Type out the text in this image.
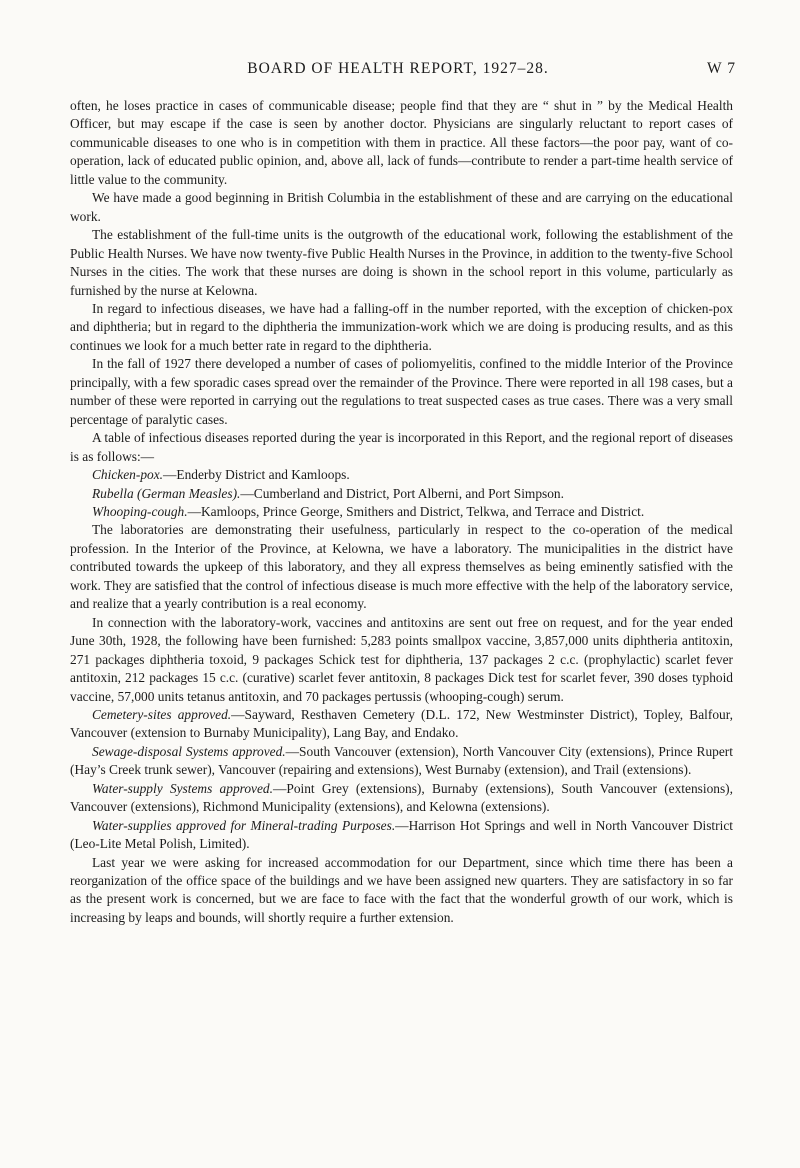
BOARD OF HEALTH REPORT, 1927–28.	W 7

often, he loses practice in cases of communicable disease; people find that they are “ shut in ” by the Medical Health Officer, but may escape if the case is seen by another doctor. Physicians are singularly reluctant to report cases of communicable diseases to one who is in competition with them in practice. All these factors—the poor pay, want of co-operation, lack of educated public opinion, and, above all, lack of funds—contribute to render a part-time health service of little value to the community.

We have made a good beginning in British Columbia in the establishment of these and are carrying on the educational work.

The establishment of the full-time units is the outgrowth of the educational work, following the establishment of the Public Health Nurses. We have now twenty-five Public Health Nurses in the Province, in addition to the twenty-five School Nurses in the cities. The work that these nurses are doing is shown in the school report in this volume, particularly as furnished by the nurse at Kelowna.

In regard to infectious diseases, we have had a falling-off in the number reported, with the exception of chicken-pox and diphtheria; but in regard to the diphtheria the immunization-work which we are doing is producing results, and as this continues we look for a much better rate in regard to the diphtheria.

In the fall of 1927 there developed a number of cases of poliomyelitis, confined to the middle Interior of the Province principally, with a few sporadic cases spread over the remainder of the Province. There were reported in all 198 cases, but a number of these were reported in carrying out the regulations to treat suspected cases as true cases. There was a very small percentage of paralytic cases.

A table of infectious diseases reported during the year is incorporated in this Report, and the regional report of diseases is as follows:—

Chicken-pox.—Enderby District and Kamloops.

Rubella (German Measles).—Cumberland and District, Port Alberni, and Port Simpson.

Whooping-cough.—Kamloops, Prince George, Smithers and District, Telkwa, and Terrace and District.

The laboratories are demonstrating their usefulness, particularly in respect to the co-operation of the medical profession. In the Interior of the Province, at Kelowna, we have a laboratory. The municipalities in the district have contributed towards the upkeep of this laboratory, and they all express themselves as being eminently satisfied with the work. They are satisfied that the control of infectious disease is much more effective with the help of the laboratory service, and realize that a yearly contribution is a real economy.

In connection with the laboratory-work, vaccines and antitoxins are sent out free on request, and for the year ended June 30th, 1928, the following have been furnished: 5,283 points smallpox vaccine, 3,857,000 units diphtheria antitoxin, 271 packages diphtheria toxoid, 9 packages Schick test for diphtheria, 137 packages 2 c.c. (prophylactic) scarlet fever antitoxin, 212 packages 15 c.c. (curative) scarlet fever antitoxin, 8 packages Dick test for scarlet fever, 390 doses typhoid vaccine, 57,000 units tetanus antitoxin, and 70 packages pertussis (whooping-cough) serum.

Cemetery-sites approved.—Sayward, Resthaven Cemetery (D.L. 172, New Westminster District), Topley, Balfour, Vancouver (extension to Burnaby Municipality), Lang Bay, and Endako.

Sewage-disposal Systems approved.—South Vancouver (extension), North Vancouver City (extensions), Prince Rupert (Hay’s Creek trunk sewer), Vancouver (repairing and extensions), West Burnaby (extension), and Trail (extensions).

Water-supply Systems approved.—Point Grey (extensions), Burnaby (extensions), South Vancouver (extensions), Vancouver (extensions), Richmond Municipality (extensions), and Kelowna (extensions).

Water-supplies approved for Mineral-trading Purposes.—Harrison Hot Springs and well in North Vancouver District (Leo-Lite Metal Polish, Limited).

Last year we were asking for increased accommodation for our Department, since which time there has been a reorganization of the office space of the buildings and we have been assigned new quarters. They are satisfactory in so far as the present work is concerned, but we are face to face with the fact that the wonderful growth of our work, which is increasing by leaps and bounds, will shortly require a further extension.
